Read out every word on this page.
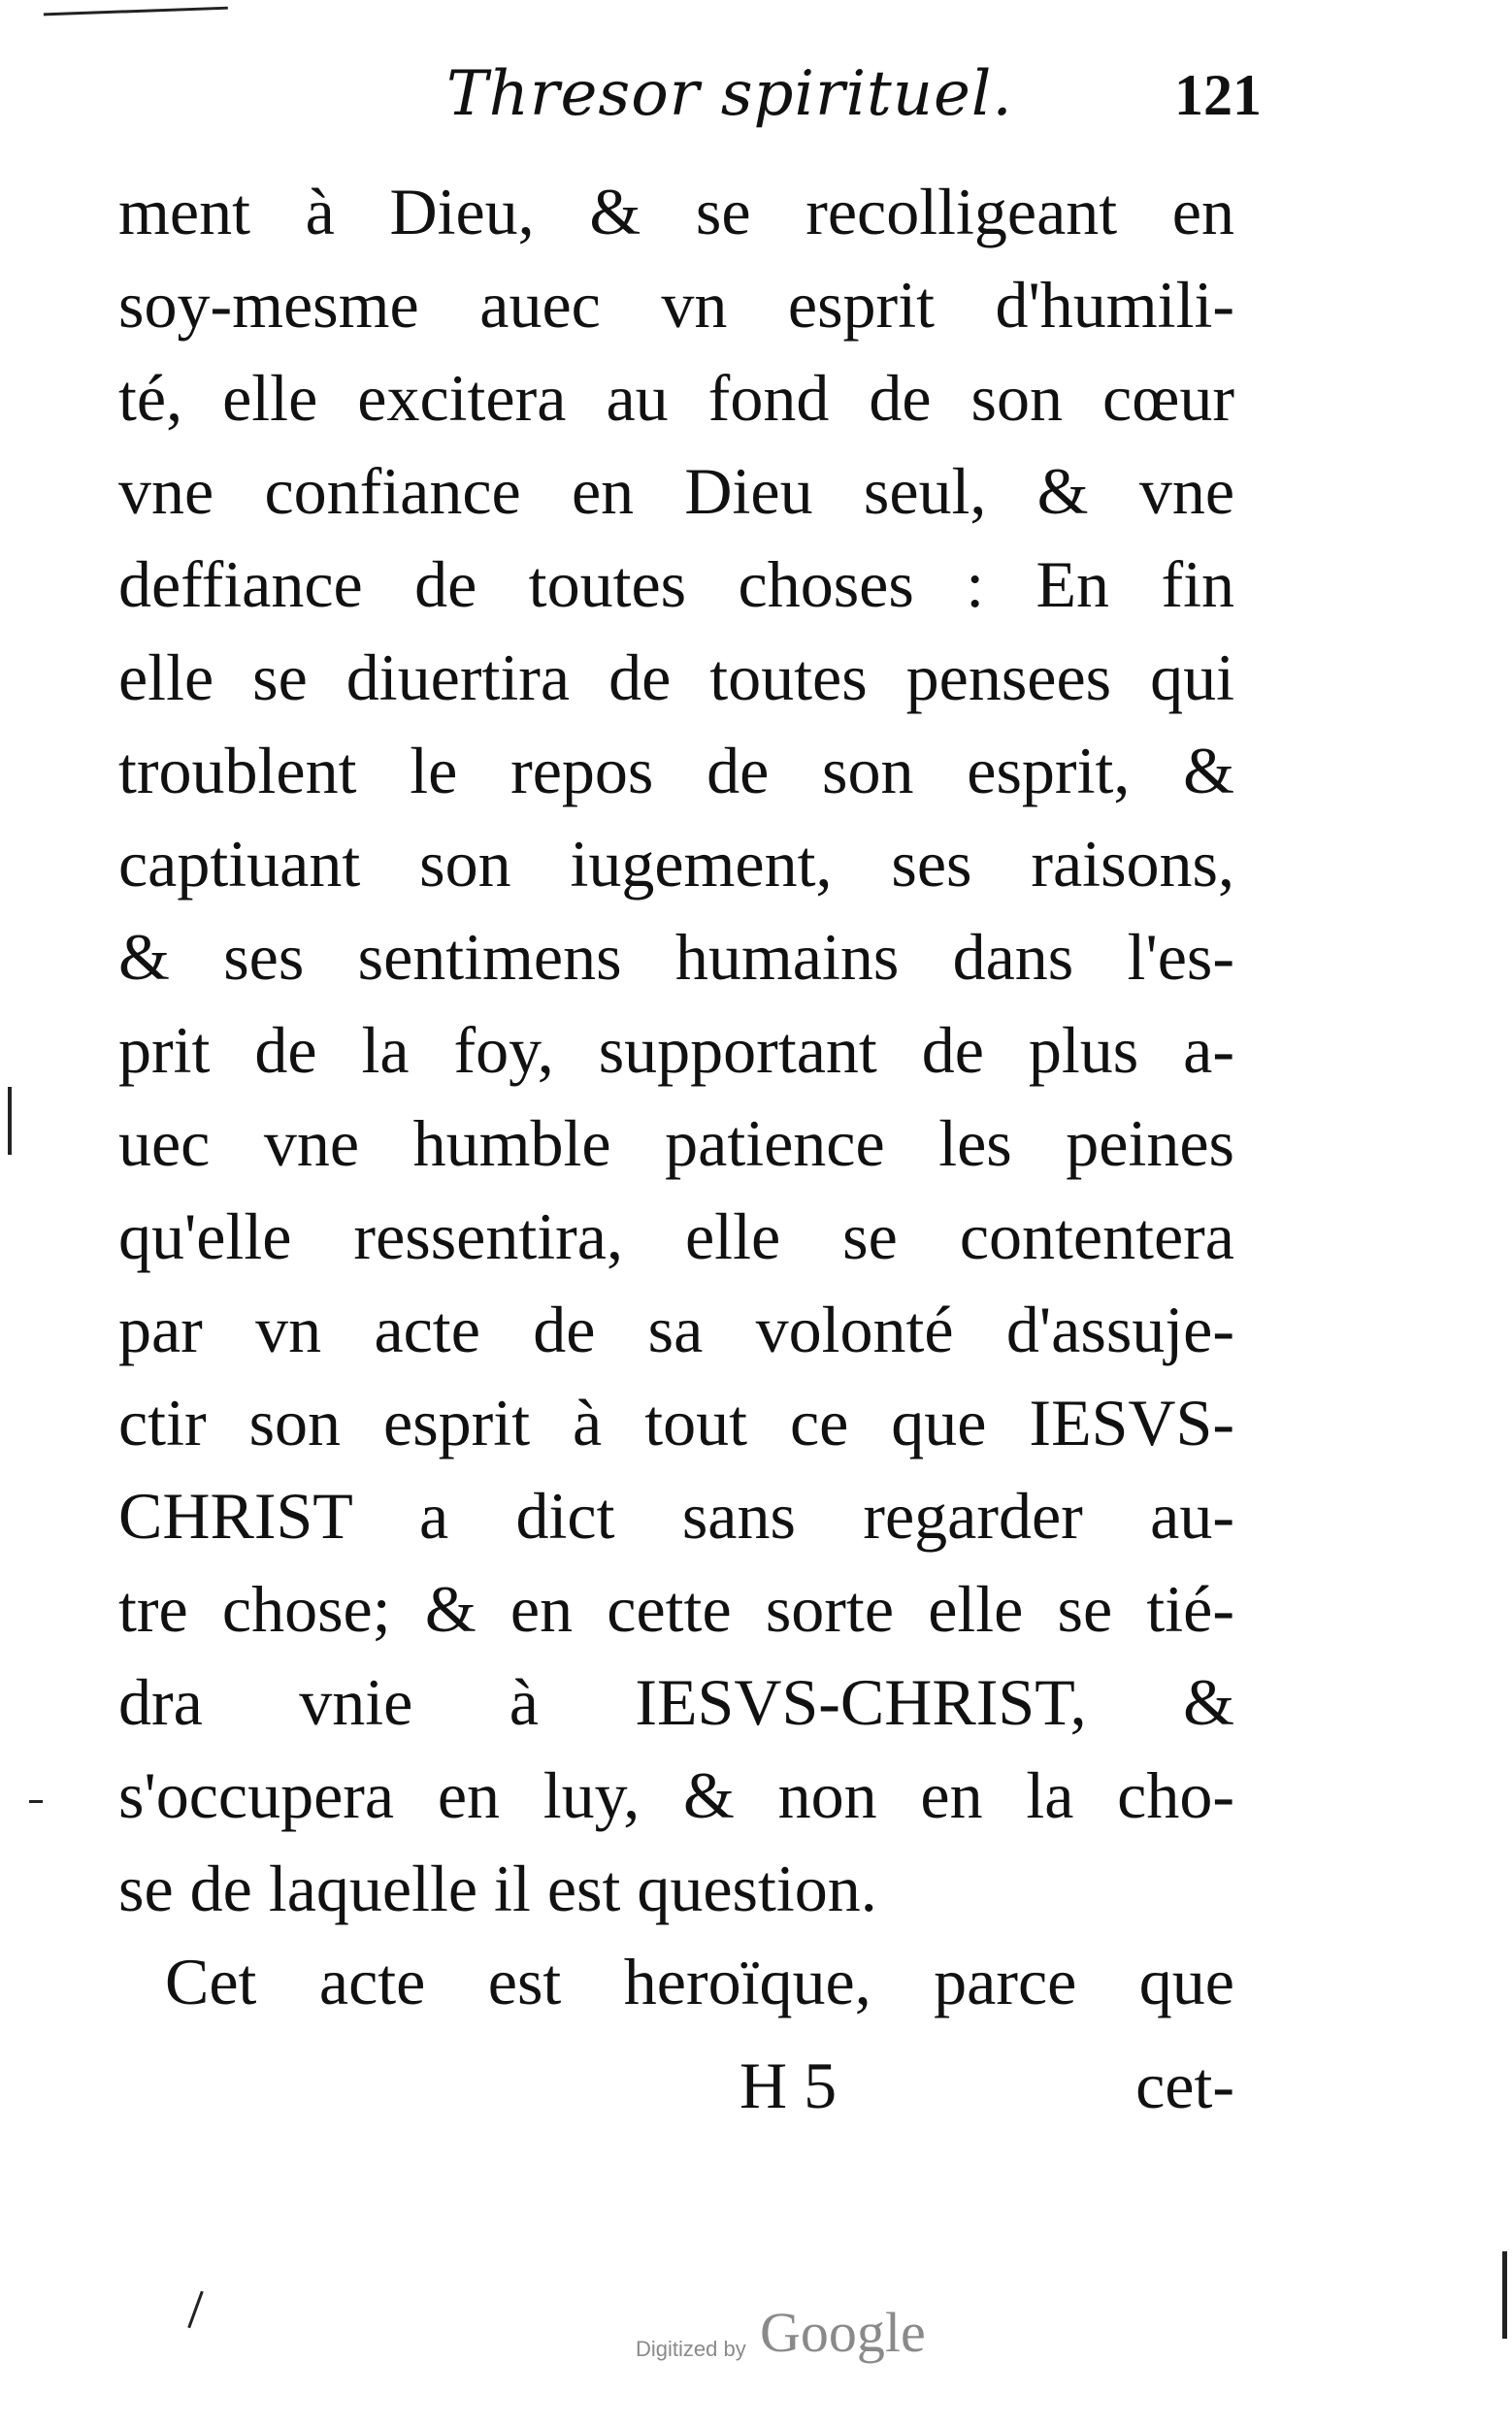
Thresor spirituel.	121
ment à Dieu, & se recolligeant en
soy-mesme auec vn esprit d'humili-
té, elle excitera au fond de son cœur
vne confiance en Dieu seul, & vne
deffiance de toutes choses : En fin
elle se diuertira de toutes pensees qui
troublent le repos de son esprit, &
captiuant son iugement, ses raisons,
& ses sentimens humains dans l'es-
prit de la foy, supportant de plus a-
uec vne humble patience les peines
qu'elle ressentira, elle se contentera
par vn acte de sa volonté d'assuje-
ctir son esprit à tout ce que IESVS-
CHRIST a dict sans regarder au-
tre chose; & en cette sorte elle se tié-
dra vnie à IESVS-CHRIST, &
s'occupera en luy, & non en la cho-
se de laquelle il est question.
Cet acte est heroïque, parce que
H 5	cet-
Digitized by Google
